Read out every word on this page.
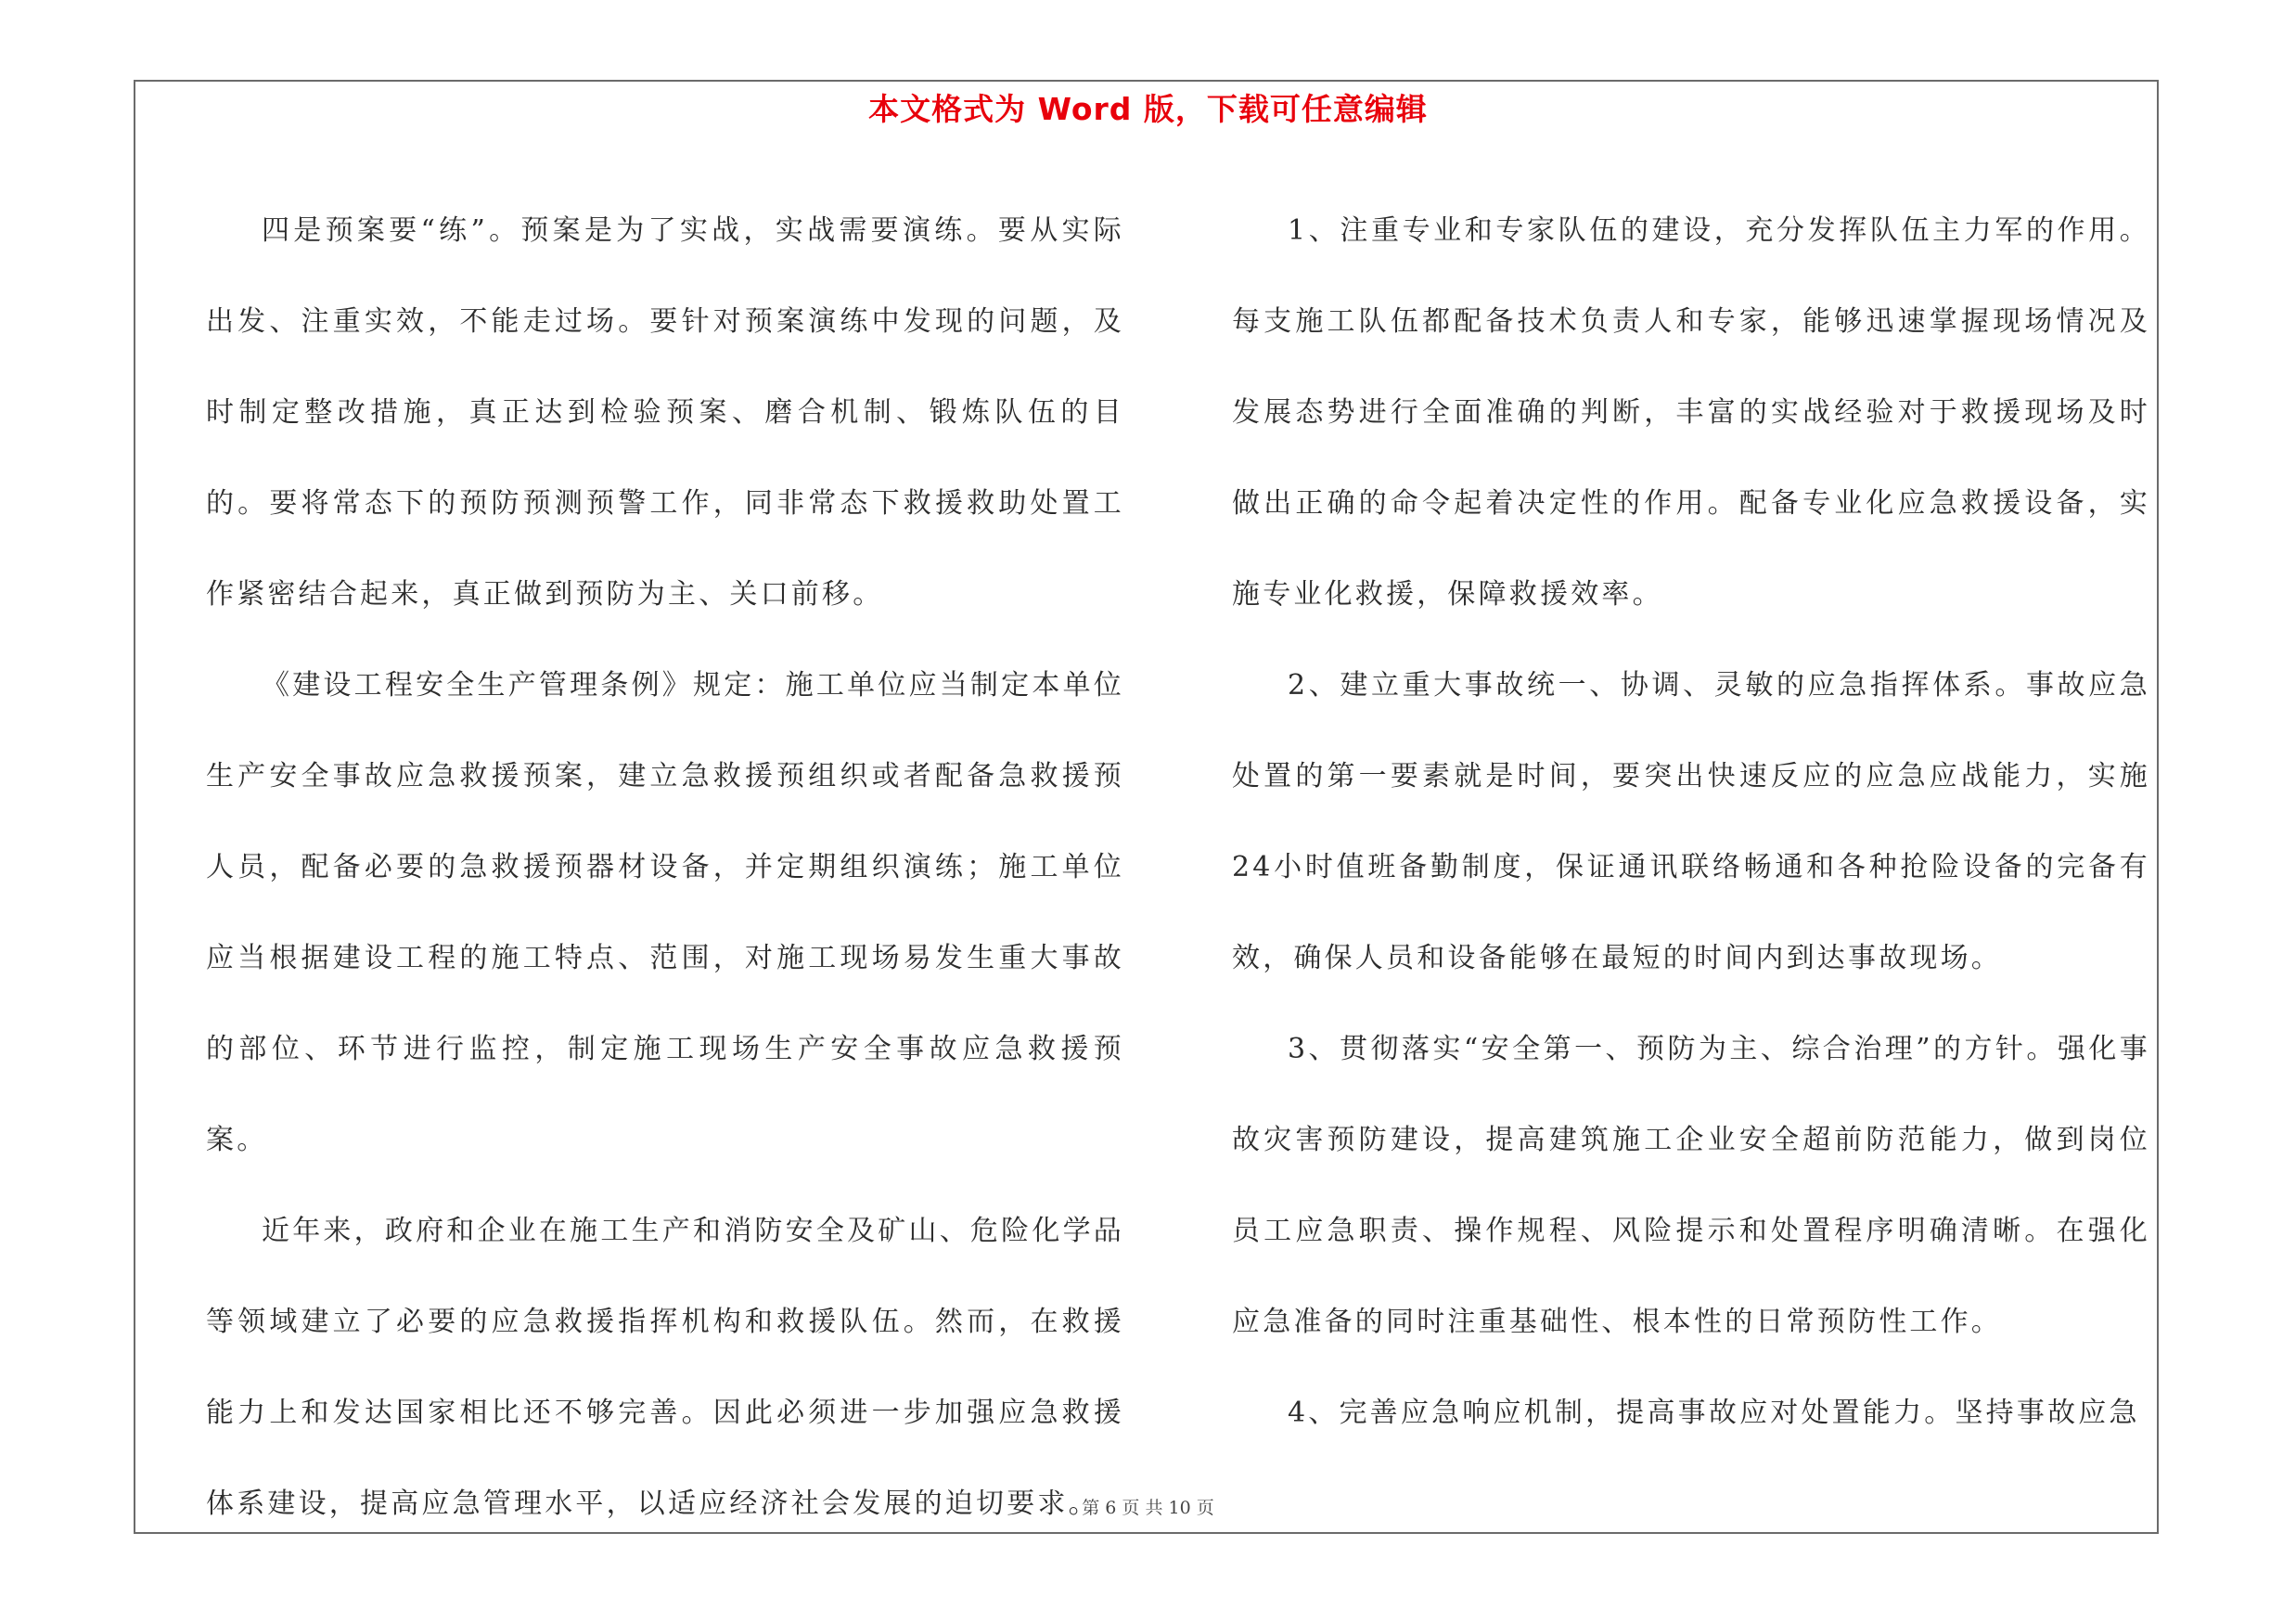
本文格式为 Word 版，下载可任意编辑

四是预案要“练”。预案是为了实战，实战需要演练。要从实际出发、注重实效，不能走过场。要针对预案演练中发现的问题，及时制定整改措施，真正达到检验预案、磨合机制、锻炼队伍的目的。要将常态下的预防预测预警工作，同非常态下救援救助处置工作紧密结合起来，真正做到预防为主、关口前移。

《建设工程安全生产管理条例》规定：施工单位应当制定本单位生产安全事故应急救援预案，建立急救援预组织或者配备急救援预人员，配备必要的急救援预器材设备，并定期组织演练；施工单位应当根据建设工程的施工特点、范围，对施工现场易发生重大事故的部位、环节进行监控，制定施工现场生产安全事故应急救援预案。

近年来，政府和企业在施工生产和消防安全及矿山、危险化学品等领域建立了必要的应急救援指挥机构和救援队伍。然而，在救援能力上和发达国家相比还不够完善。因此必须进一步加强应急救援体系建设，提高应急管理水平，以适应经济社会发展的迫切要求。

1、注重专业和专家队伍的建设，充分发挥队伍主力军的作用。每支施工队伍都配备技术负责人和专家，能够迅速掌握现场情况及发展态势进行全面准确的判断，丰富的实战经验对于救援现场及时做出正确的命令起着决定性的作用。配备专业化应急救援设备，实施专业化救援，保障救援效率。

2、建立重大事故统一、协调、灵敏的应急指挥体系。事故应急处置的第一要素就是时间，要突出快速反应的应急应战能力，实施24小时值班备勤制度，保证通讯联络畅通和各种抢险设备的完备有效，确保人员和设备能够在最短的时间内到达事故现场。

3、贯彻落实“安全第一、预防为主、综合治理”的方针。强化事故灾害预防建设，提高建筑施工企业安全超前防范能力，做到岗位员工应急职责、操作规程、风险提示和处置程序明确清晰。在强化应急准备的同时注重基础性、根本性的日常预防性工作。

4、完善应急响应机制，提高事故应对处置能力。坚持事故应急

第 6 页 共 10 页
